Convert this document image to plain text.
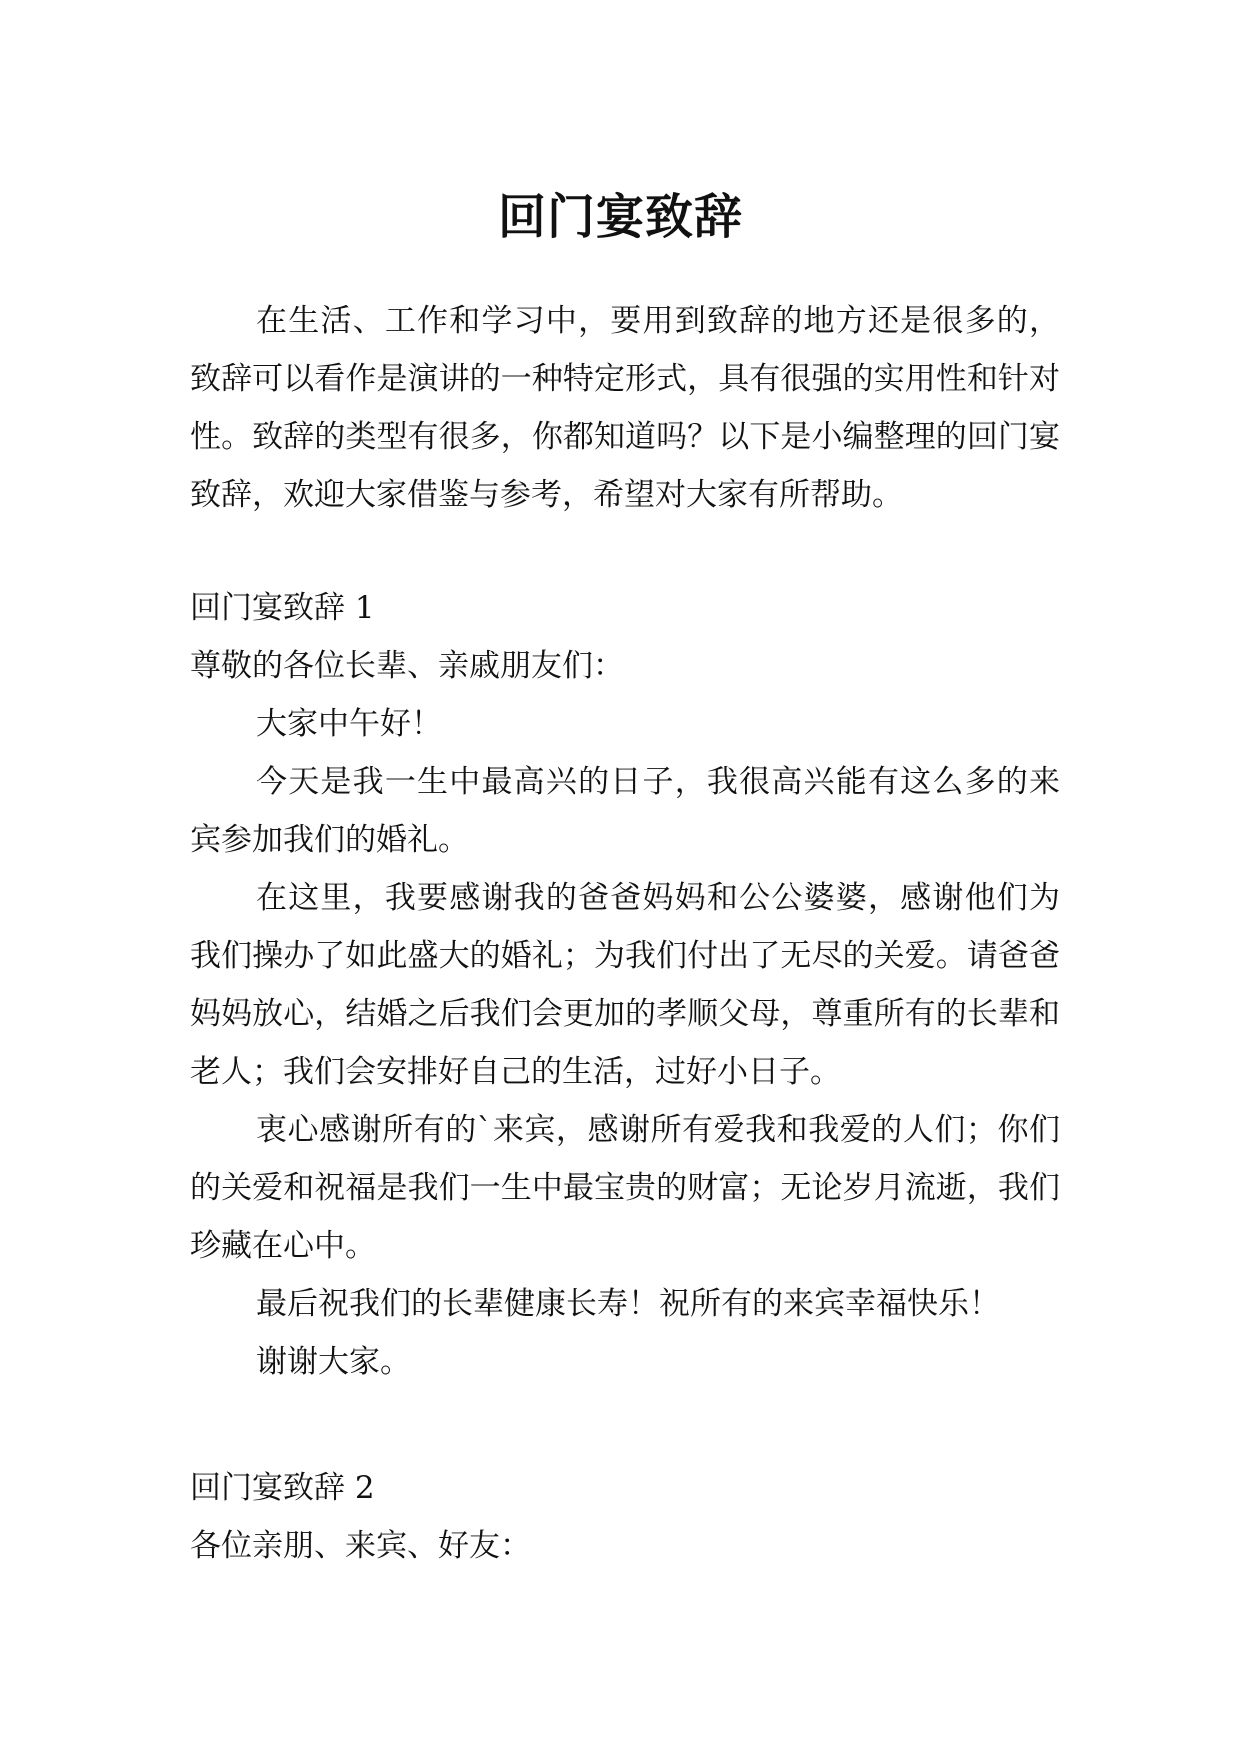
回门宴致辞

在生活、工作和学习中，要用到致辞的地方还是很多的，致辞可以看作是演讲的一种特定形式，具有很强的实用性和针对性。致辞的类型有很多，你都知道吗？以下是小编整理的回门宴致辞，欢迎大家借鉴与参考，希望对大家有所帮助。

回门宴致辞 1

尊敬的各位长辈、亲戚朋友们：

大家中午好！

今天是我一生中最高兴的日子，我很高兴能有这么多的来宾参加我们的婚礼。

在这里，我要感谢我的爸爸妈妈和公公婆婆，感谢他们为我们操办了如此盛大的婚礼；为我们付出了无尽的关爱。请爸爸妈妈放心，结婚之后我们会更加的孝顺父母，尊重所有的长辈和老人；我们会安排好自己的生活，过好小日子。

衷心感谢所有的`来宾，感谢所有爱我和我爱的人们；你们的关爱和祝福是我们一生中最宝贵的财富；无论岁月流逝，我们珍藏在心中。

最后祝我们的长辈健康长寿！祝所有的来宾幸福快乐！

谢谢大家。

回门宴致辞 2

各位亲朋、来宾、好友：
